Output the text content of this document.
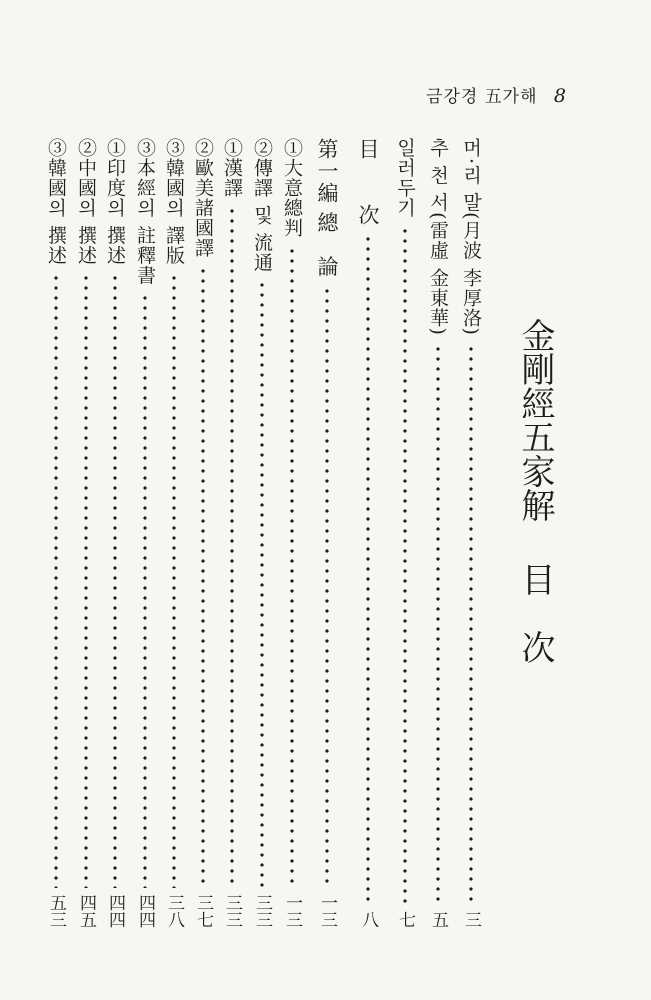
금강경 五가해 8
金剛經五家解目　次
머·리 말(月波 李厚洛)
三
추 천 서(雷虛 金東華)
五
일러두기
七
目　　次
八
第一編 總　論
一三
①大意總判
一三
②傳譯 및 流通
三三
①漢譯
三三
②歐美諸國譯
三七
③韓國의 譯版
三八
③本經의 註釋書
四四
①印度의 撰述
四四
②中國의 撰述
四五
③韓國의 撰述
五三
